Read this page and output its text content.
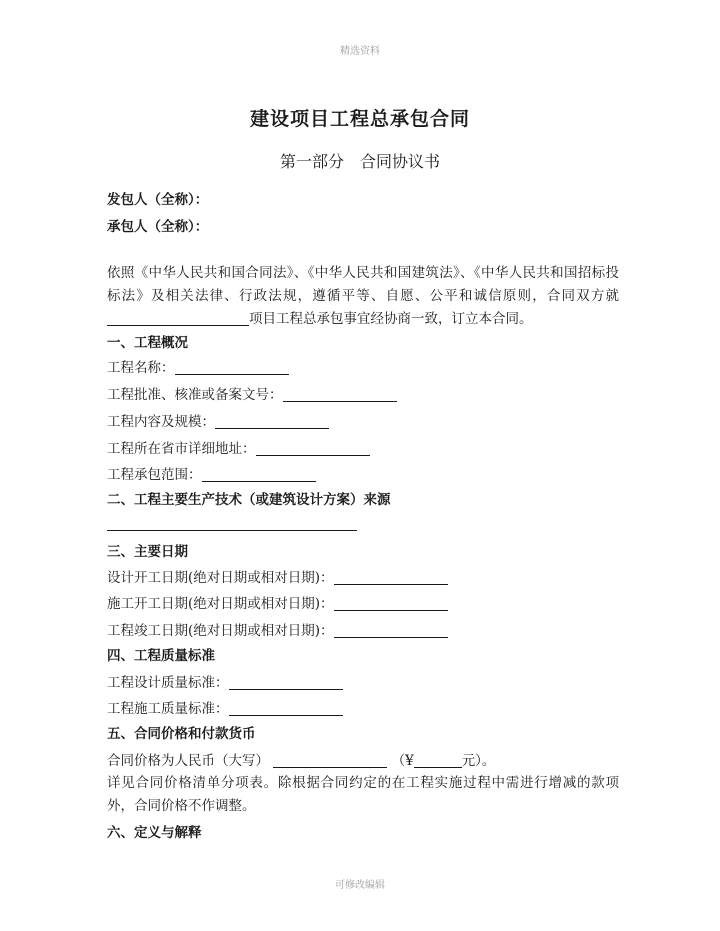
精选资料
建设项目工程总承包合同
第一部分 合同协议书
发包人（全称）：
承包人（全称）：
依照《中华人民共和国合同法》、《中华人民共和国建筑法》、《中华人民共和国招标投标法》及相关法律、行政法规，遵循平等、自愿、公平和诚信原则，合同双方就项目工程总承包事宜经协商一致，订立本合同。
一、工程概况
工程名称：
工程批准、核准或备案文号：
工程内容及规模：
工程所在省市详细地址：
工程承包范围：
二、工程主要生产技术（或建筑设计方案）来源
三、主要日期
设计开工日期(绝对日期或相对日期)：
施工开工日期(绝对日期或相对日期)：
工程竣工日期(绝对日期或相对日期)：
四、工程质量标准
工程设计质量标准：
工程施工质量标准：
五、合同价格和付款货币
合同价格为人民币（大写）	（¥	元）。
详见合同价格清单分项表。除根据合同约定的在工程实施过程中需进行增减的款项外，合同价格不作调整。
六、定义与解释
可修改编辑
